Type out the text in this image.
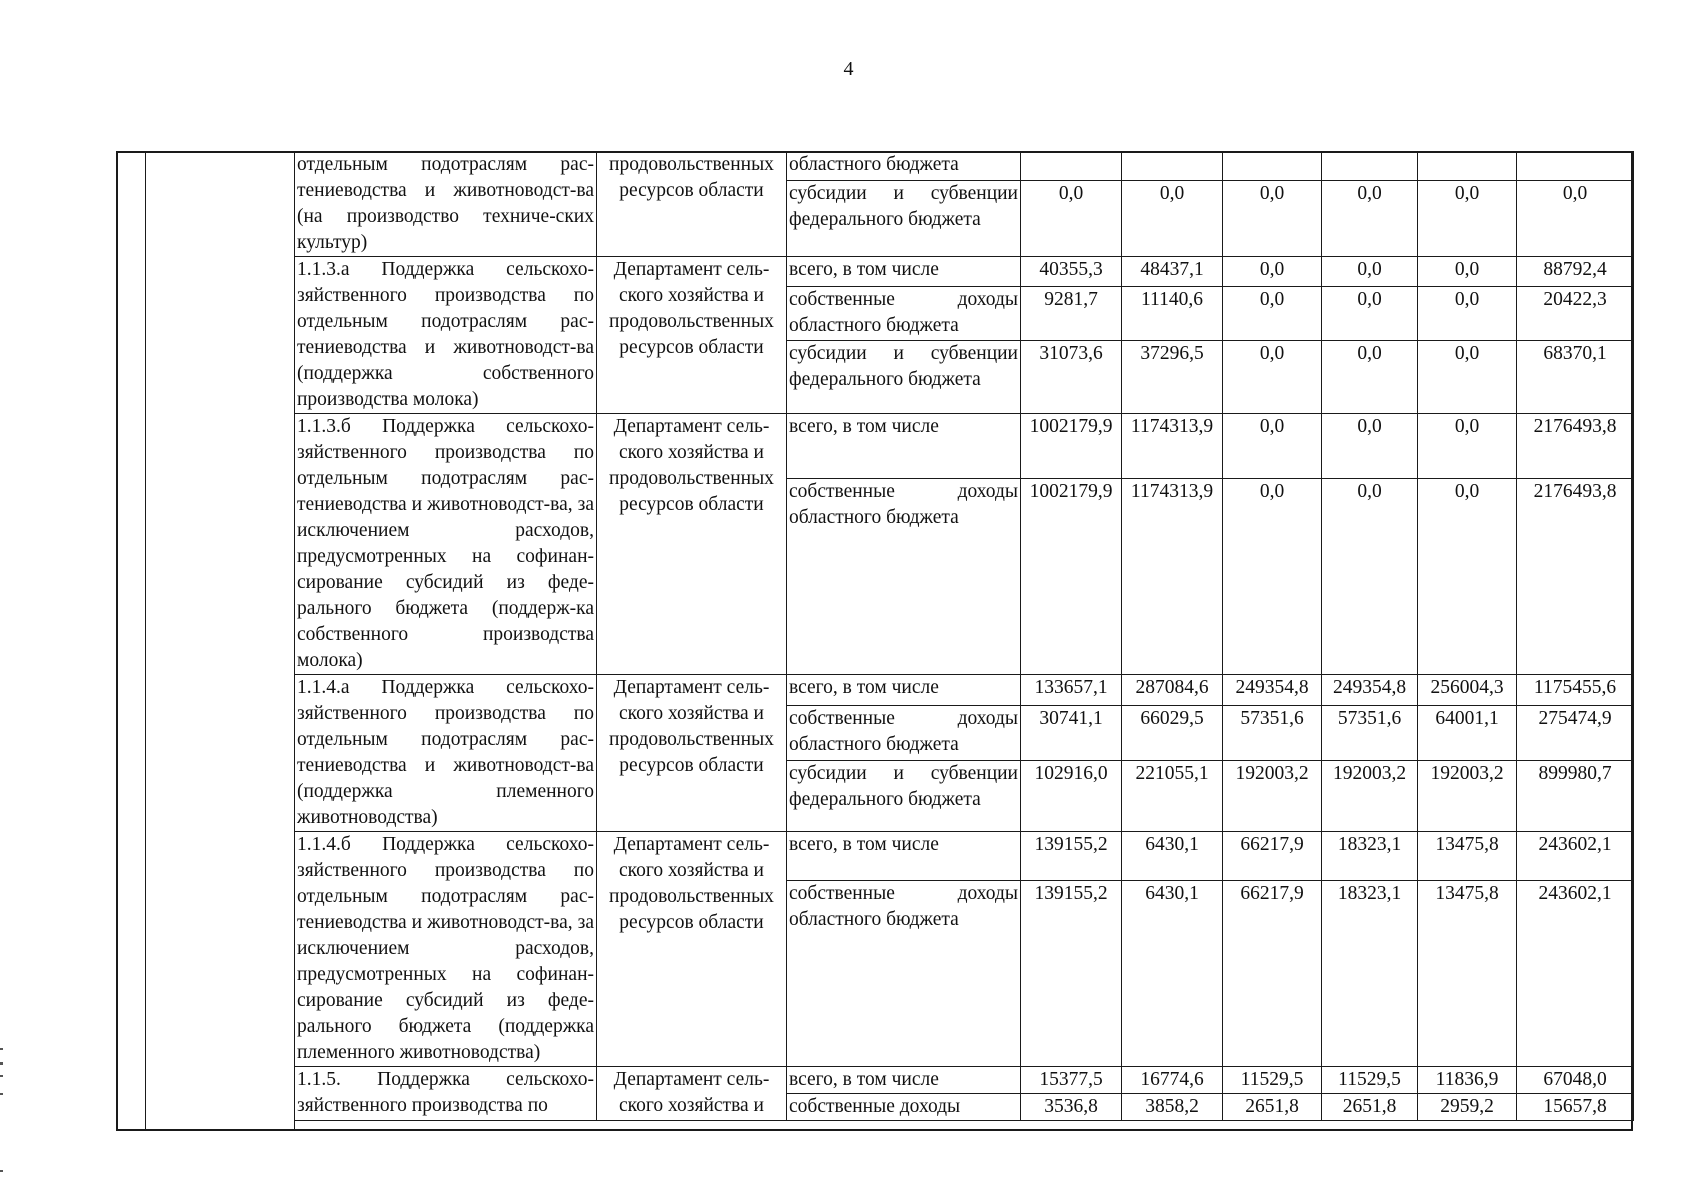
4
отдельным подотраслям рас-тениеводства и животноводст-ва (на производство техниче-ских культур)	продовольственных ресурсов области	областного бюджета						
		субсидии и субвенции федерального бюджета	0,0	0,0	0,0	0,0	0,0	0,0
1.1.3.а Поддержка сельскохо-зяйственного производства по отдельным подотраслям рас-тениеводства и животноводст-ва (поддержка собственного производства молока)	Департамент сель-ского хозяйства и продовольственных ресурсов области	всего, в том числе	40355,3	48437,1	0,0	0,0	0,0	88792,4
		собственные доходы областного бюджета	9281,7	11140,6	0,0	0,0	0,0	20422,3
		субсидии и субвенции федерального бюджета	31073,6	37296,5	0,0	0,0	0,0	68370,1
1.1.3.б Поддержка сельскохо-зяйственного производства по отдельным подотраслям рас-тениеводства и животноводст-ва, за исключением расходов, предусмотренных на софинан-сирование субсидий из феде-рального бюджета (поддерж-ка собственного производства молока)	Департамент сель-ского хозяйства и продовольственных ресурсов области	всего, в том числе	1002179,9	1174313,9	0,0	0,0	0,0	2176493,8
		собственные доходы областного бюджета	1002179,9	1174313,9	0,0	0,0	0,0	2176493,8
1.1.4.а Поддержка сельскохо-зяйственного производства по отдельным подотраслям рас-тениеводства и животноводст-ва (поддержка племенного животноводства)	Департамент сель-ского хозяйства и продовольственных ресурсов области	всего, в том числе	133657,1	287084,6	249354,8	249354,8	256004,3	1175455,6
		собственные доходы областного бюджета	30741,1	66029,5	57351,6	57351,6	64001,1	275474,9
		субсидии и субвенции федерального бюджета	102916,0	221055,1	192003,2	192003,2	192003,2	899980,7
1.1.4.б Поддержка сельскохо-зяйственного производства по отдельным подотраслям рас-тениеводства и животноводст-ва, за исключением расходов, предусмотренных на софинан-сирование субсидий из феде-рального бюджета (поддержка племенного животноводства)	Департамент сель-ского хозяйства и продовольственных ресурсов области	всего, в том числе	139155,2	6430,1	66217,9	18323,1	13475,8	243602,1
		собственные доходы областного бюджета	139155,2	6430,1	66217,9	18323,1	13475,8	243602,1
1.1.5. Поддержка сельскохо-зяйственного производства по	Департамент сель-ского хозяйства и	всего, в том числе	15377,5	16774,6	11529,5	11529,5	11836,9	67048,0
		собственные доходы	3536,8	3858,2	2651,8	2651,8	2959,2	15657,8
